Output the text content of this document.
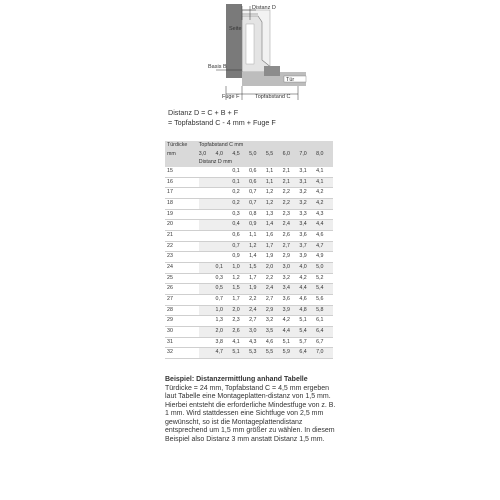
Distanz D
Seite
Basis B
Tür
Fuge F	Topfabstand C
Distanz D = C + B + F
= Topfabstand C - 4 mm + Fuge F
Türdicke	Topfabstand C mm							
mm	3,0	4,0	4,5	5,0	5,5	6,0	7,0	8,0
	Distanz D mm							
15			0,1	0,6	1,1	2,1	3,1	4,1
16			0,1	0,6	1,1	2,1	3,1	4,1
17			0,2	0,7	1,2	2,2	3,2	4,2
18			0,2	0,7	1,2	2,2	3,2	4,2
19			0,3	0,8	1,3	2,3	3,3	4,3
20			0,4	0,9	1,4	2,4	3,4	4,4
21			0,6	1,1	1,6	2,6	3,6	4,6
22			0,7	1,2	1,7	2,7	3,7	4,7
23			0,9	1,4	1,9	2,9	3,9	4,9
24		0,1	1,0	1,5	2,0	3,0	4,0	5,0
25		0,3	1,2	1,7	2,2	3,2	4,2	5,2
26		0,5	1,5	1,9	2,4	3,4	4,4	5,4
27		0,7	1,7	2,2	2,7	3,6	4,6	5,6
28		1,0	2,0	2,4	2,9	3,9	4,8	5,8
29		1,3	2,3	2,7	3,2	4,2	5,1	6,1
30		2,0	2,6	3,0	3,5	4,4	5,4	6,4
31		3,8	4,1	4,3	4,6	5,1	5,7	6,7
32		4,7	5,1	5,3	5,5	5,9	6,4	7,0
Beispiel: Distanzermittlung anhand Tabelle
Türdicke = 24 mm, Topfabstand C = 4,5 mm ergeben laut Tabelle eine Montageplatten-distanz von 1,5 mm. Hierbei entsteht die erforderliche Mindestfuge von z. B. 1 mm. Wird stattdessen eine Sichtfuge von 2,5 mm gewünscht, so ist die Montageplattendistanz entsprechend um 1,5 mm größer zu wählen. In diesem Beispiel also Distanz 3 mm anstatt Distanz 1,5 mm.
